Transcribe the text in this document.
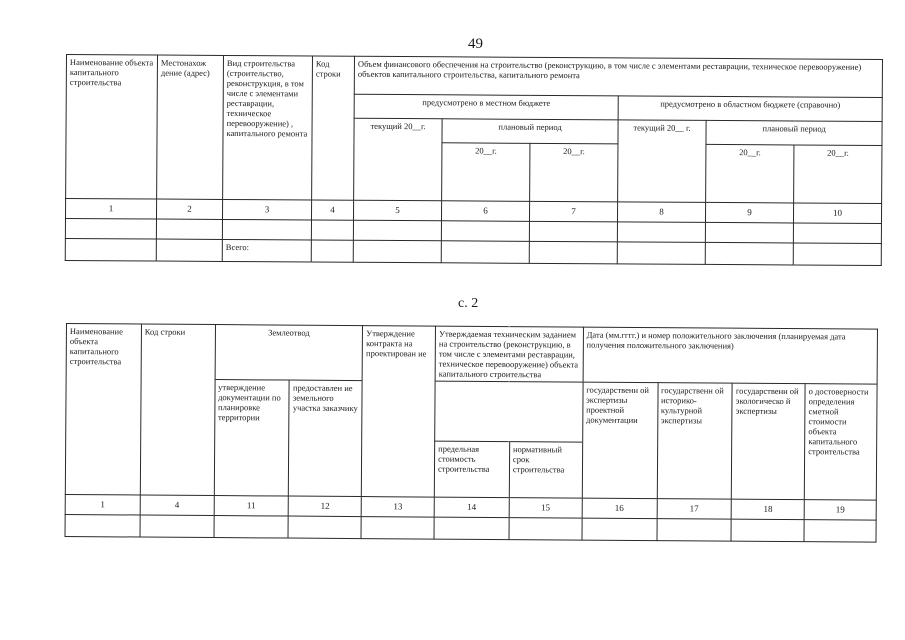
49
Наименование объекта капитального строительства	Местонахож дение (адрес)	Вид строительства (строительство, реконструкция, в том числе с элементами реставрации, техническое перевооружение) , капитального ремонта	Код строки	Объем финансового обеспечения на строительство (реконструкцию, в том числе с элементами реставрации, техническое перевооружение) объектов капитального строительства, капитального ремонта					
				предусмотрено в местном бюджете			предусмотрено в областном бюджете (справочно)		
				текущий 20__г.	плановый период		текущий 20__ г.	плановый период	
					20__г.	20__г.		20__г.	20__г.
1	2	3	4	5	6	7	8	9	10

		Всего:							
с. 2
Наименование объекта капитального строительства	Код строки	Землеотвод		Утверждение контракта на проектирован ие	Утверждаемая техническим заданием на строительство (реконструкцию, в том числе с элементами реставрации, техническое перевооружение) объекта капитального строительства		Дата (мм.гггг.) и номер положительного заключения (планируемая дата получения положительного заключения)			
		утверждение документации по планировке территории	предоставлен ие земельного участка заказчику				государственн ой экспертизы проектной документации	государственн ой историко- культурной экспертизы	государственн ой экологическо й экспертизы	о достоверности определения сметной стоимости объекта капитального строительства
					предельная стоимость строительства	нормативный срок строительства				
1	4	11	12	13	14	15	16	17	18	19
